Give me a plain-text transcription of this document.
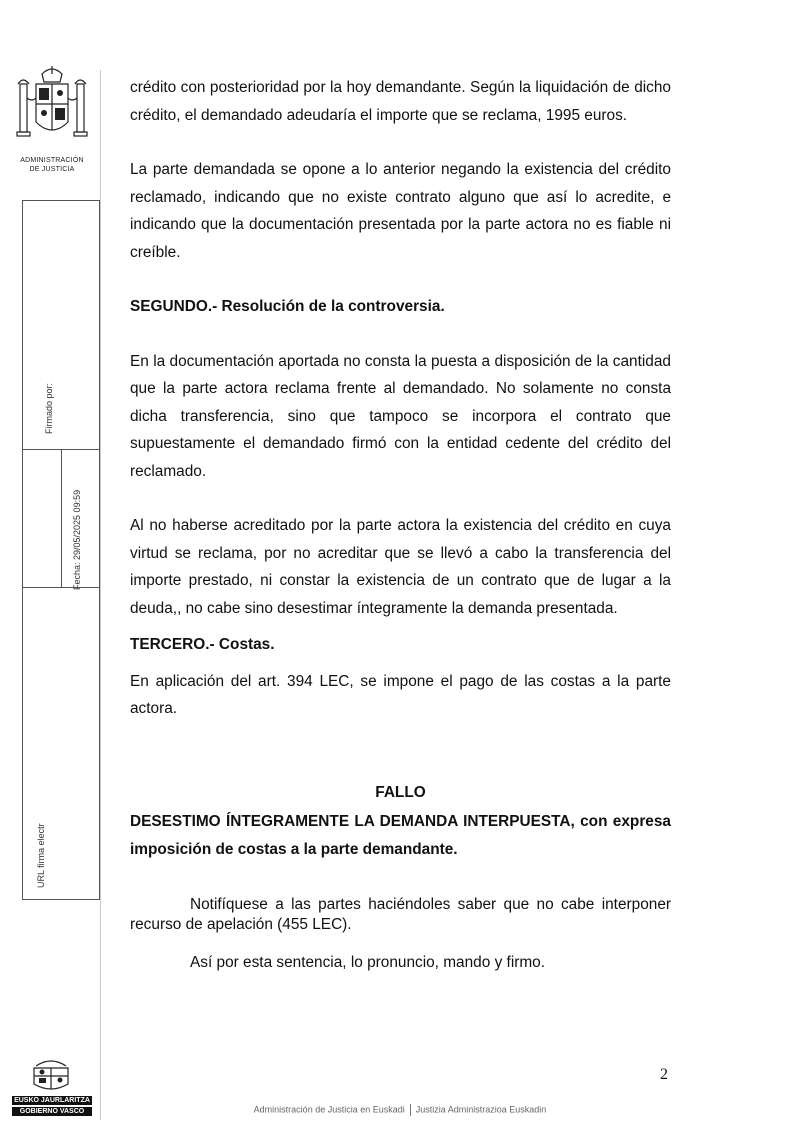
ADMINISTRACIÓN
DE JUSTICIA
Firmado por:
Fecha: 29/05/2025 09:59
URL firma electr

crédito con posterioridad por la hoy demandante. Según la liquidación de dicho crédito, el demandado adeudaría el importe que se reclama, 1995 euros.

La parte demandada se opone a lo anterior negando la existencia del crédito reclamado, indicando que no existe contrato alguno que así lo acredite, e indicando que la documentación presentada por la parte actora no es fiable ni creíble.

SEGUNDO.- Resolución de la controversia.

En la documentación aportada no consta la puesta a disposición de la cantidad que la parte actora reclama frente al demandado. No solamente no consta dicha transferencia, sino que tampoco se incorpora el contrato que supuestamente el demandado firmó con la entidad cedente del crédito del reclamado.

Al no haberse acreditado por la parte actora la existencia del crédito en cuya virtud se reclama, por no acreditar que se llevó a cabo la transferencia del importe prestado, ni constar la existencia de un contrato que de lugar a la deuda,, no cabe sino desestimar íntegramente la demanda presentada.

TERCERO.- Costas.

En aplicación del art. 394 LEC, se impone el pago de las costas a la parte actora.

FALLO

DESESTIMO ÍNTEGRAMENTE LA DEMANDA INTERPUESTA, con expresa imposición de costas a la parte demandante.

Notifíquese a las partes haciéndoles saber que no cabe interponer recurso de apelación (455 LEC).

Así por esta sentencia, lo pronuncio, mando y firmo.

2
EUSKO JAURLARITZA
GOBIERNO VASCO	Administración de Justicia en Euskadi Justizia Administrazioa Euskadin
